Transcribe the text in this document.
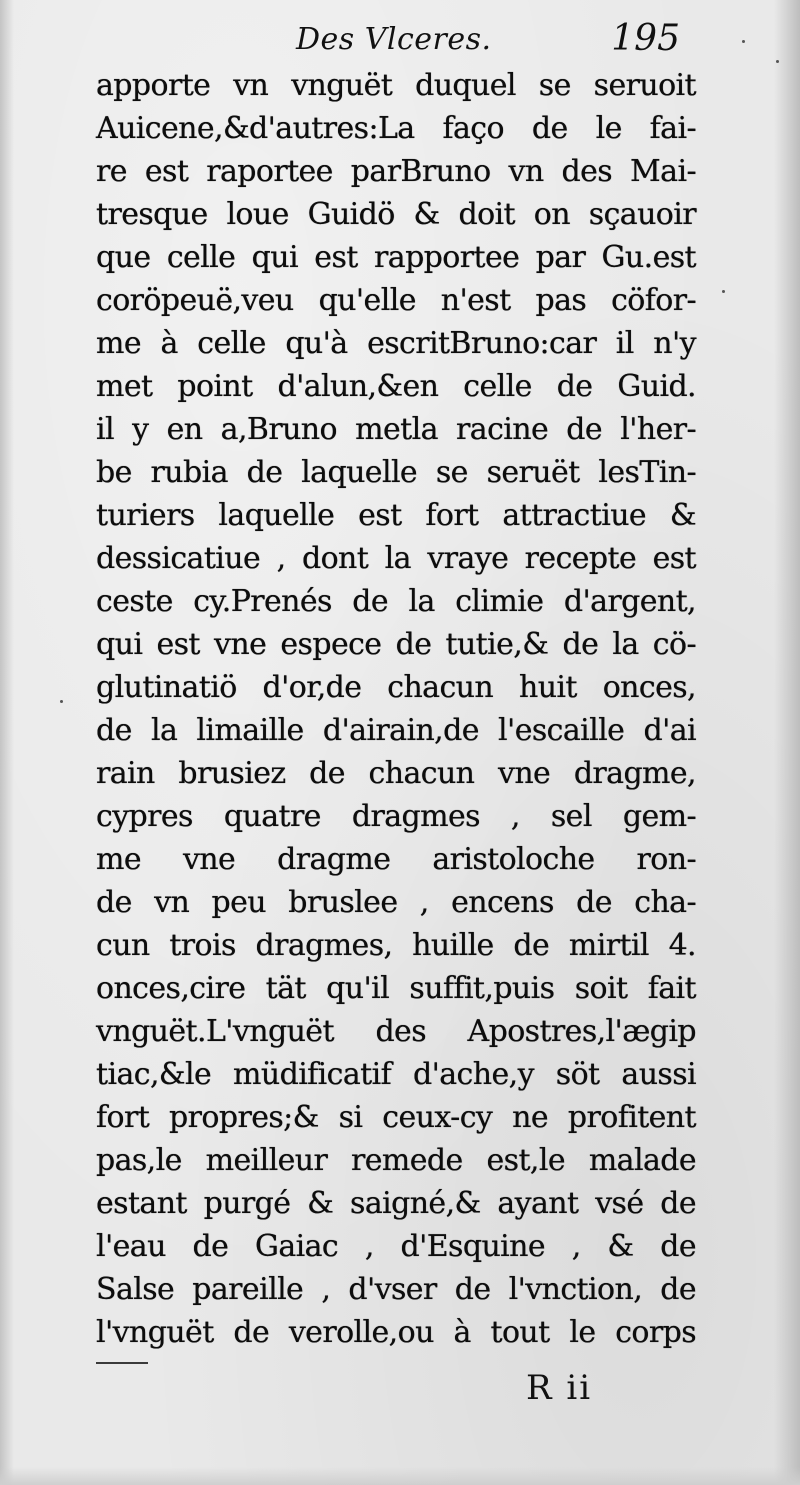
Des Vlceres.	195
apporte vn vnguët duquel se seruoit
Auicene,&d'autres:La faço de le fai-
re est raportee parBruno vn des Mai-
tresque loue Guidö & doit on sçauoir
que celle qui est rapportee par Gu.est
coröpeuë,veu qu'elle n'est pas cöfor-
me à celle qu'à escritBruno:car il n'y
met point d'alun,&en celle de Guid.
il y en a,Bruno metla racine de l'her-
be rubia de laquelle se seruët lesTin-
turiers laquelle est fort attractiue &
dessicatiue , dont la vraye recepte est
ceste cy.Prenés de la climie d'argent,
qui est vne espece de tutie,& de la cö-
glutinatiö d'or,de chacun huit onces,
de la limaille d'airain,de l'escaille d'ai
rain brusiez de chacun vne dragme,
cypres quatre dragmes , sel gem-
me vne dragme aristoloche ron-
de vn peu bruslee , encens de cha-
cun trois dragmes, huille de mirtil 4.
onces,cire tät qu'il suffit,puis soit fait
vnguët.L'vnguët des Apostres,l'ægip
tiac,&le müdificatif d'ache,y söt aussi
fort propres;& si ceux-cy ne profitent
pas,le meilleur remede est,le malade
estant purgé & saigné,& ayant vsé de
l'eau de Gaiac , d'Esquine , & de
Salse pareille , d'vser de l'vnction, de
l'vnguët de verolle,ou à tout le corps
R ii
